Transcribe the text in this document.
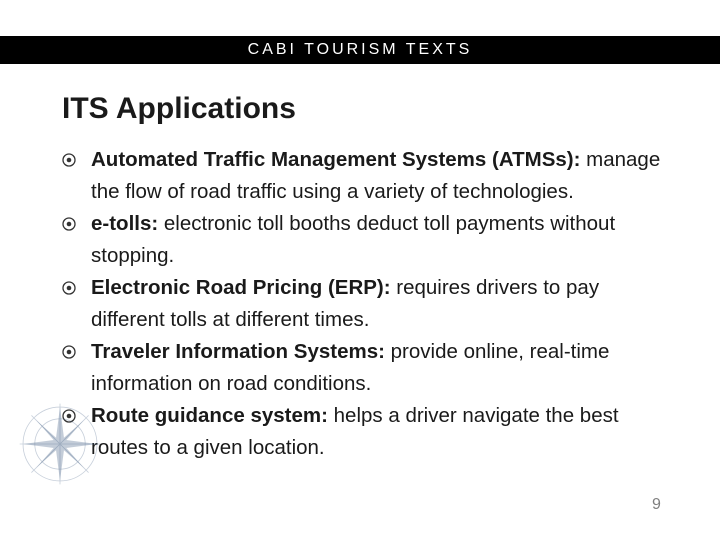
CABI TOURISM TEXTS
ITS Applications
Automated Traffic Management Systems (ATMSs): manage the flow of road traffic using a variety of technologies.
e-tolls: electronic toll booths deduct toll payments without stopping.
Electronic Road Pricing (ERP): requires drivers to pay different tolls at different times.
Traveler Information Systems: provide online, real-time information on road conditions.
Route guidance system: helps a driver navigate the best routes to a given location.
9
